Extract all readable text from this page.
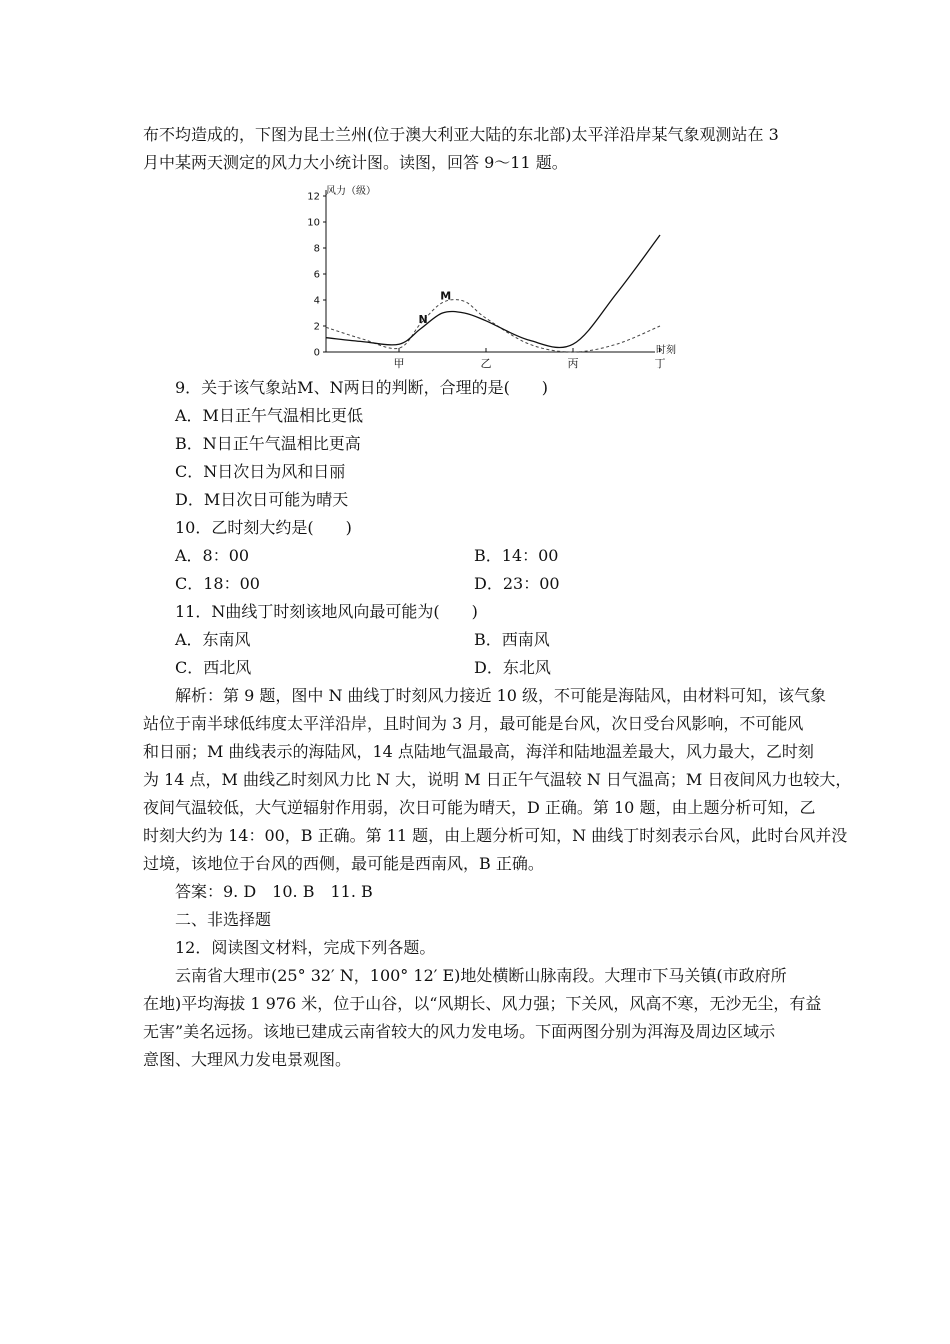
布不均造成的，下图为昆士兰州(位于澳大利亚大陆的东北部)太平洋沿岸某气象观测站在 3
月中某两天测定的风力大小统计图。读图，回答 9～11 题。
0
2
4
6
8
10
12
甲	乙	丙	丁
M
N
风力（级）
时刻
9．关于该气象站M、N两日的判断，合理的是(　　)
A．M日正午气温相比更低
B．N日正午气温相比更高
C．N日次日为风和日丽
D．M日次日可能为晴天
10．乙时刻大约是(　　)
A．8：00	B．14：00
C．18：00	D．23：00
11．N曲线丁时刻该地风向最可能为(　　)
A．东南风	B．西南风
C．西北风	D．东北风
解析：第 9 题，图中 N 曲线丁时刻风力接近 10 级，不可能是海陆风，由材料可知，该气象
站位于南半球低纬度太平洋沿岸，且时间为 3 月，最可能是台风，次日受台风影响，不可能风
和日丽；M 曲线表示的海陆风，14 点陆地气温最高，海洋和陆地温差最大，风力最大，乙时刻
为 14 点，M 曲线乙时刻风力比 N 大，说明 M 日正午气温较 N 日气温高；M 日夜间风力也较大，
夜间气温较低，大气逆辐射作用弱，次日可能为晴天，D 正确。第 10 题，由上题分析可知，乙
时刻大约为 14：00，B 正确。第 11 题，由上题分析可知，N 曲线丁时刻表示台风，此时台风并没
过境，该地位于台风的西侧，最可能是西南风，B 正确。
答案：9. D　10. B　11. B
二、非选择题
12．阅读图文材料，完成下列各题。
云南省大理市(25° 32′ N，100° 12′ E)地处横断山脉南段。大理市下马关镇(市政府所
在地)平均海拔 1 976 米，位于山谷，以“风期长、风力强；下关风，风高不寒，无沙无尘，有益
无害”美名远扬。该地已建成云南省较大的风力发电场。下面两图分别为洱海及周边区域示
意图、大理风力发电景观图。
